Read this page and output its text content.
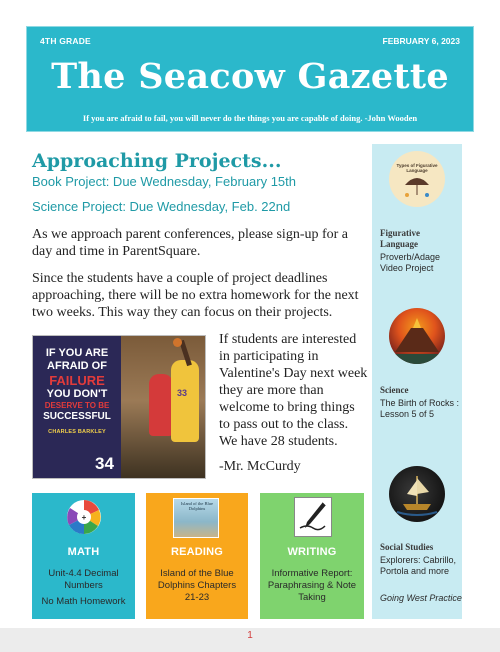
4TH GRADE	FEBRUARY 6, 2023
The Seacow Gazette
If you are afraid to fail, you will never do the things you are capable of doing. -John Wooden
Approaching Projects...
Book Project: Due Wednesday, February 15th
Science Project: Due Wednesday, Feb. 22nd
As we approach parent conferences, please sign-up for a day and time in ParentSquare.
Since the students have a couple of project deadlines approaching, there will be no extra homework for the next two weeks. This way they can focus on their projects.
IF YOU ARE
AFRAID OF
FAILURE
YOU DON'T
DESERVE TO BE
SUCCESSFUL
CHARLES BARKLEY
34
33
If students are interested in participating in Valentine's Day next week they are more than welcome to bring things to pass out to the class. We have 28 students.
-Mr. McCurdy
+
MATH
Unit-4.4 Decimal Numbers
No Math Homework
Island of the Blue Dolphins
READING
Island of the Blue Dolphins Chapters 21-23
WRITING
Informative Report: Paraphrasing & Note Taking
Types of Figurative Language
Figurative Language
Proverb/Adage Video Project
Science
The Birth of Rocks : Lesson 5 of 5
Social Studies
Explorers: Cabrillo, Portola and more
Going West Practice
1
